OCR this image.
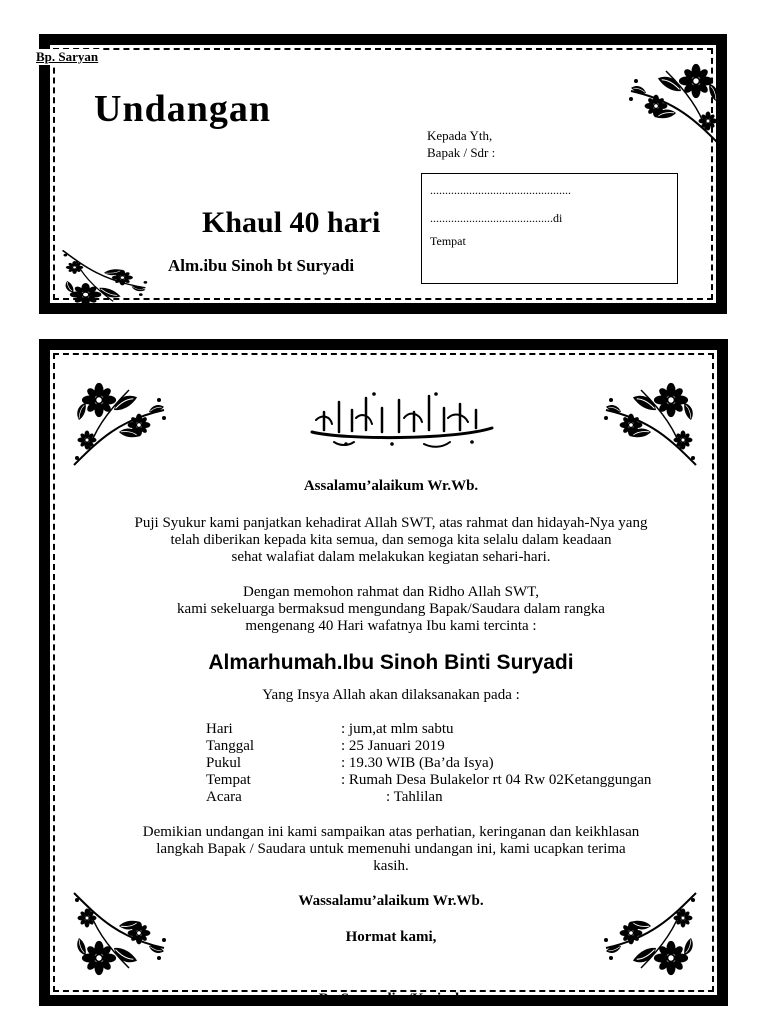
Undangan
Khaul 40 hari
Alm.ibu Sinoh bt Suryadi
Kepada Yth,
Bapak / Sdr :
...............................................
.........................................di
Tempat
Bp. Saryan
Assalamu’alaikum Wr.Wb.
Puji Syukur kami panjatkan kehadirat Allah SWT, atas rahmat dan hidayah-Nya yang
telah diberikan kepada kita semua, dan semoga kita selalu dalam keadaan
sehat walafiat dalam melakukan kegiatan sehari-hari.
Dengan memohon rahmat dan Ridho Allah SWT,
kami sekeluarga bermaksud mengundang Bapak/Saudara dalam rangka
mengenang 40 Hari wafatnya Ibu kami tercinta :
Almarhumah.Ibu Sinoh Binti Suryadi
Yang Insya Allah akan dilaksanakan pada :
Hari	: jum,at mlm sabtu
Tanggal	: 25 Januari 2019
Pukul	: 19.30 WIB (Ba’da Isya)
Tempat	: Rumah Desa Bulakelor rt 04 Rw 02Ketanggungan
Acara	: Tahlilan
Demikian undangan ini kami sampaikan atas perhatian, keringanan dan keikhlasan
langkah Bapak / Saudara untuk memenuhi undangan ini, kami ucapkan terima
kasih.
Wassalamu’alaikum Wr.Wb.
Hormat kami,
Bp.Samsudin /Kasiroh
